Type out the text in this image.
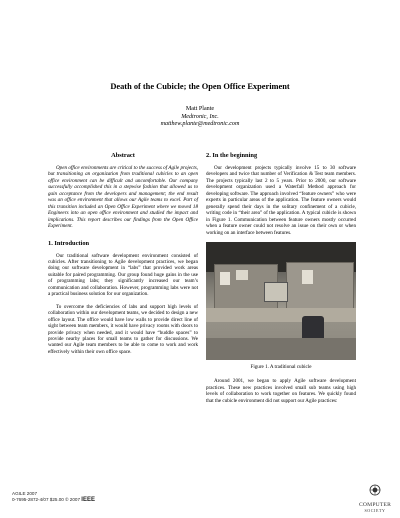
Death of the Cubicle; the Open Office Experiment
Matt Plante
Medtronic, Inc.
matthew.plante@medtronic.com
Abstract

Open office environments are critical to the success of Agile projects, but transitioning an organization from traditional cubicles to an open office environment can be difficult and uncomfortable. Our company successfully accomplished this in a stepwise fashion that allowed us to gain acceptance from the developers and management; the end result was an office environment that allows our Agile teams to excel. Part of this transition included an Open Office Experiment where we moved 18 Engineers into an open office environment and studied the impact and implications. This report describes our findings from the Open Office Experiment.

1. Introduction

Our traditional software development environment consisted of cubicles. After transitioning to Agile development practices, we began doing our software development in “labs” that provided work areas suitable for paired programming. Our group found huge gains in the use of programming labs; they significantly increased our team’s communication and collaboration. However, programming labs were not a practical business solution for our organization.

To overcome the deficiencies of labs and support high levels of collaboration within our development teams, we decided to design a new office layout. The office would have low walls to provide direct line of sight between team members, it would have privacy rooms with doors to provide privacy when needed, and it would have “huddle spaces” to provide nearby places for small teams to gather for discussions. We wanted our Agile team members to be able to come to work and work effectively within their own office space.

2. In the beginning

Our development projects typically involve 15 to 30 software developers and twice that number of Verification & Test team members. The projects typically last 2 to 5 years. Prior to 2000, our software development organization used a Waterfall Method approach for developing software. The approach involved “feature owners” who were experts in particular areas of the application. The feature owners would generally spend their days in the solitary confinement of a cubicle, writing code in “their area” of the application. A typical cubicle is shown in Figure 1. Communication between feature owners mostly occurred when a feature owner could not resolve an issue on their own or when working on an interface between features.

Figure 1. A traditional cubicle

Around 2001, we began to apply Agile software development practices. These new practices involved small sub teams using high levels of collaboration to work together on features. We quickly found that the cubicle environment did not support our Agile practices:

AGILE 2007
0-7695-2872-4/07 $25.00 © 2007 IEEE
COMPUTER
SOCIETY
